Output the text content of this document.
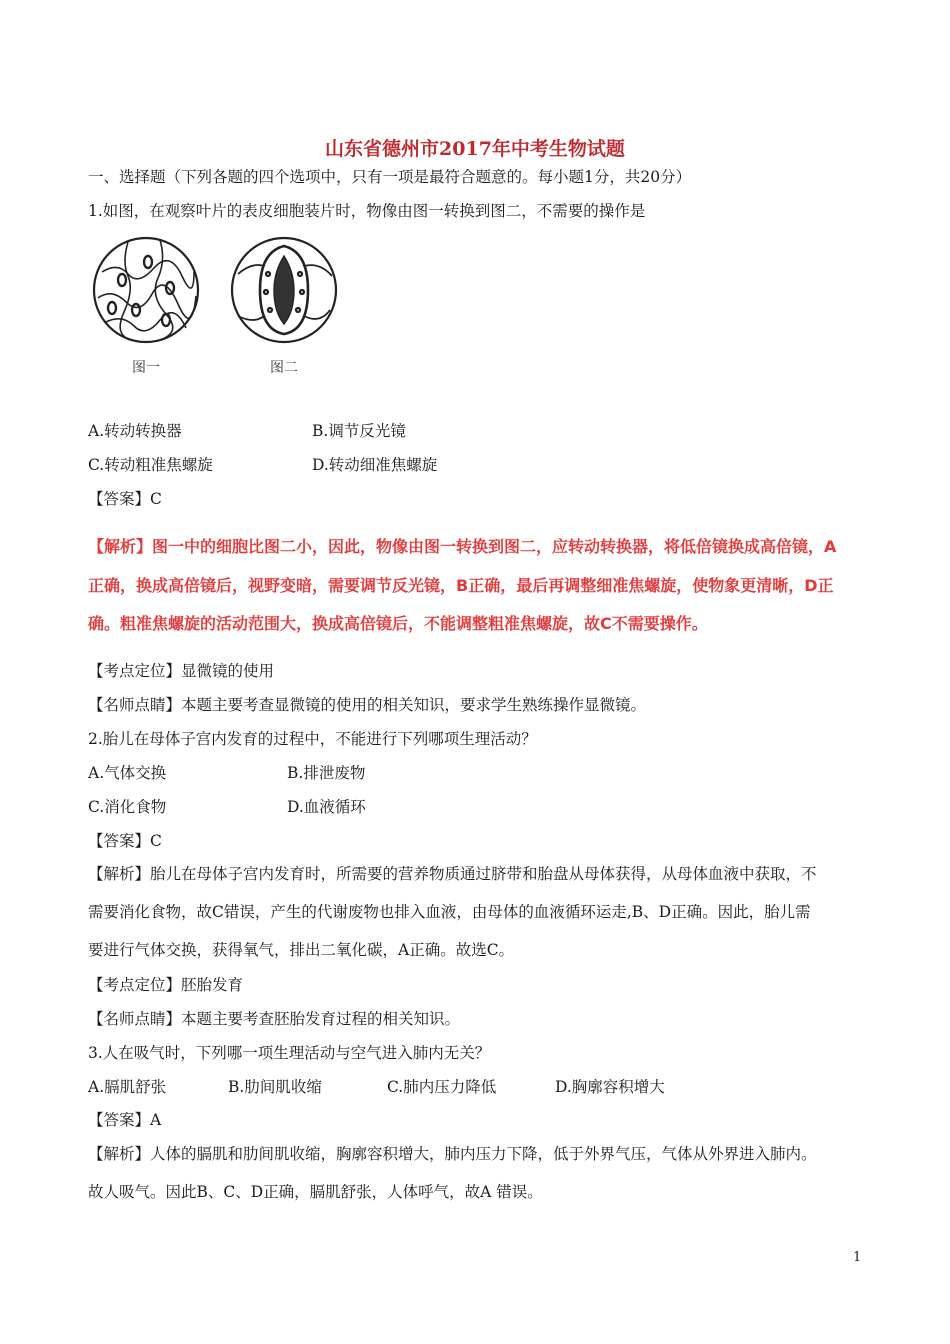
山东省德州市2017年中考生物试题
一、选择题（下列各题的四个选项中，只有一项是最符合题意的。每小题1分，共20分）
1.如图，在观察叶片的表皮细胞装片时，物像由图一转换到图二，不需要的操作是
图一	图二
A.转动转换器	B.调节反光镜
C.转动粗准焦螺旋	D.转动细准焦螺旋
【答案】C
【解析】图一中的细胞比图二小，因此，物像由图一转换到图二，应转动转换器，将低倍镜换成高倍镜，A
正确，换成高倍镜后，视野变暗，需要调节反光镜，B正确，最后再调整细准焦螺旋，使物象更清晰，D正
确。粗准焦螺旋的活动范围大，换成高倍镜后，不能调整粗准焦螺旋，故C不需要操作。
【考点定位】显微镜的使用
【名师点睛】本题主要考查显微镜的使用的相关知识，要求学生熟练操作显微镜。
2.胎儿在母体子宫内发育的过程中，不能进行下列哪项生理活动？
A.气体交换	B.排泄废物
C.消化食物	D.血液循环
【答案】C
【解析】胎儿在母体子宫内发育时，所需要的营养物质通过脐带和胎盘从母体获得，从母体血液中获取，不
需要消化食物，故C错误，产生的代谢废物也排入血液，由母体的血液循环运走,B、D正确。因此，胎儿需
要进行气体交换，获得氧气，排出二氧化碳，A正确。故选C。
【考点定位】胚胎发育
【名师点睛】本题主要考查胚胎发育过程的相关知识。
3.人在吸气时，下列哪一项生理活动与空气进入肺内无关？
A.膈肌舒张	B.肋间肌收缩	C.肺内压力降低	D.胸廓容积增大
【答案】A
【解析】人体的膈肌和肋间肌收缩，胸廓容积增大，肺内压力下降，低于外界气压，气体从外界进入肺内。
故人吸气。因此B、C、D正确，膈肌舒张，人体呼气，故A 错误。
1
